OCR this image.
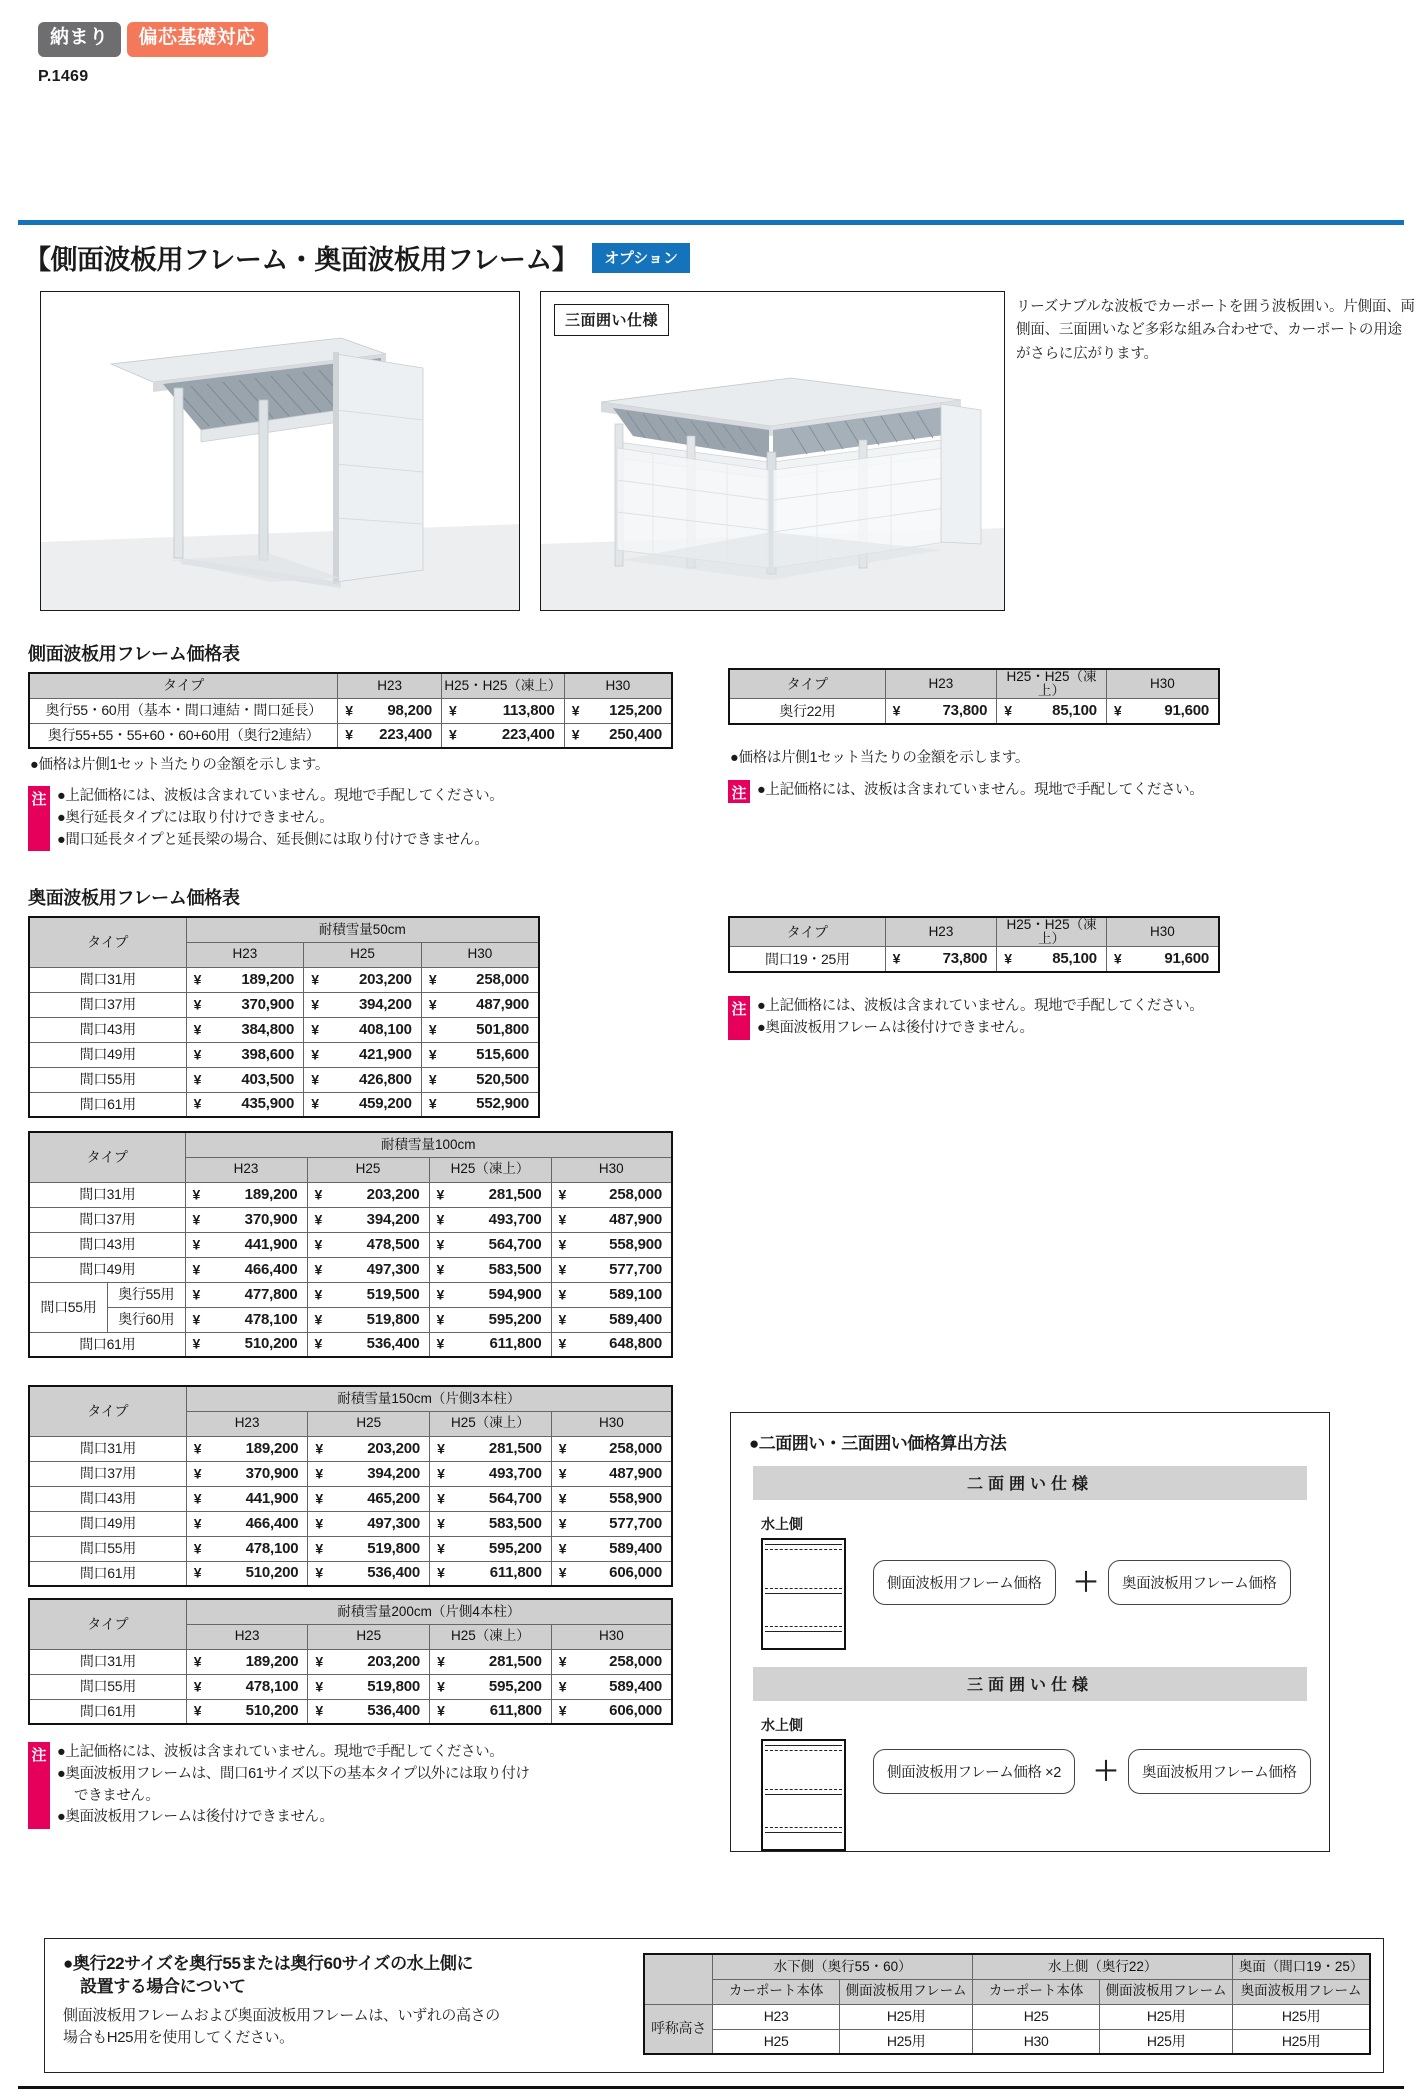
納まり	偏芯基礎対応
P.1469
【側面波板用フレーム・奥面波板用フレーム】	オプション
三面囲い仕様
リーズナブルな波板でカーポートを囲う波板囲い。片側面、両側面、三面囲いなど多彩な組み合わせで、カーポートの用途がさらに広がります。
側面波板用フレーム価格表
タイプ	H23	H25・H25（凍上）	H30
奥行55・60用（基本・間口連結・間口延長）	¥ 98,200	¥ 113,800	¥ 125,200
奥行55+55・55+60・60+60用（奥行2連結）	¥ 223,400	¥ 223,400	¥ 250,400
●価格は片側1セット当たりの金額を示します。
注 ●上記価格には、波板は含まれていません。現地で手配してください。
●奥行延長タイプには取り付けできません。
●間口延長タイプと延長梁の場合、延長側には取り付けできません。
タイプ	H23	H25・H25（凍上）	H30
奥行22用	¥ 73,800	¥ 85,100	¥ 91,600
●価格は片側1セット当たりの金額を示します。
注 ●上記価格には、波板は含まれていません。現地で手配してください。
奥面波板用フレーム価格表
タイプ	耐積雪量50cm		
	H23	H25	H30
間口31用	¥ 189,200	¥ 203,200	¥ 258,000
間口37用	¥ 370,900	¥ 394,200	¥ 487,900
間口43用	¥ 384,800	¥ 408,100	¥ 501,800
間口49用	¥ 398,600	¥ 421,900	¥ 515,600
間口55用	¥ 403,500	¥ 426,800	¥ 520,500
間口61用	¥ 435,900	¥ 459,200	¥ 552,900
タイプ		耐積雪量100cm			
		H23	H25	H25（凍上）	H30
間口31用		¥ 189,200	¥ 203,200	¥ 281,500	¥ 258,000
間口37用		¥ 370,900	¥ 394,200	¥ 493,700	¥ 487,900
間口43用		¥ 441,900	¥ 478,500	¥ 564,700	¥ 558,900
間口49用		¥ 466,400	¥ 497,300	¥ 583,500	¥ 577,700
間口55用	奥行55用	¥ 477,800	¥ 519,500	¥ 594,900	¥ 589,100
	奥行60用	¥ 478,100	¥ 519,800	¥ 595,200	¥ 589,400
間口61用		¥ 510,200	¥ 536,400	¥ 611,800	¥ 648,800
タイプ	耐積雪量150cm（片側3本柱）			
	H23	H25	H25（凍上）	H30
間口31用	¥ 189,200	¥ 203,200	¥ 281,500	¥ 258,000
間口37用	¥ 370,900	¥ 394,200	¥ 493,700	¥ 487,900
間口43用	¥ 441,900	¥ 465,200	¥ 564,700	¥ 558,900
間口49用	¥ 466,400	¥ 497,300	¥ 583,500	¥ 577,700
間口55用	¥ 478,100	¥ 519,800	¥ 595,200	¥ 589,400
間口61用	¥ 510,200	¥ 536,400	¥ 611,800	¥ 606,000
タイプ	耐積雪量200cm（片側4本柱）			
	H23	H25	H25（凍上）	H30
間口31用	¥ 189,200	¥ 203,200	¥ 281,500	¥ 258,000
間口55用	¥ 478,100	¥ 519,800	¥ 595,200	¥ 589,400
間口61用	¥ 510,200	¥ 536,400	¥ 611,800	¥ 606,000
注 ●上記価格には、波板は含まれていません。現地で手配してください。
●奥面波板用フレームは、間口61サイズ以下の基本タイプ以外には取り付け
できません。
●奥面波板用フレームは後付けできません。
タイプ	H23	H25・H25（凍上）	H30
間口19・25用	¥ 73,800	¥ 85,100	¥ 91,600
注 ●上記価格には、波板は含まれていません。現地で手配してください。
●奥面波板用フレームは後付けできません。
●二面囲い・三面囲い価格算出方法
二面囲い仕様
水上側
側面波板用フレーム価格	＋	奥面波板用フレーム価格
三面囲い仕様
水上側
側面波板用フレーム価格 ×2	＋	奥面波板用フレーム価格
●奥行22サイズを奥行55または奥行60サイズの水上側に
設置する場合について
側面波板用フレームおよび奥面波板用フレームは、いずれの高さの
場合もH25用を使用してください。
	水下側（奥行55・60）		水上側（奥行22）		奥面（間口19・25）
	カーポート本体	側面波板用フレーム	カーポート本体	側面波板用フレーム	奥面波板用フレーム
呼称高さ	H23	H25用	H25	H25用	H25用
	H25	H25用	H30	H25用	H25用
